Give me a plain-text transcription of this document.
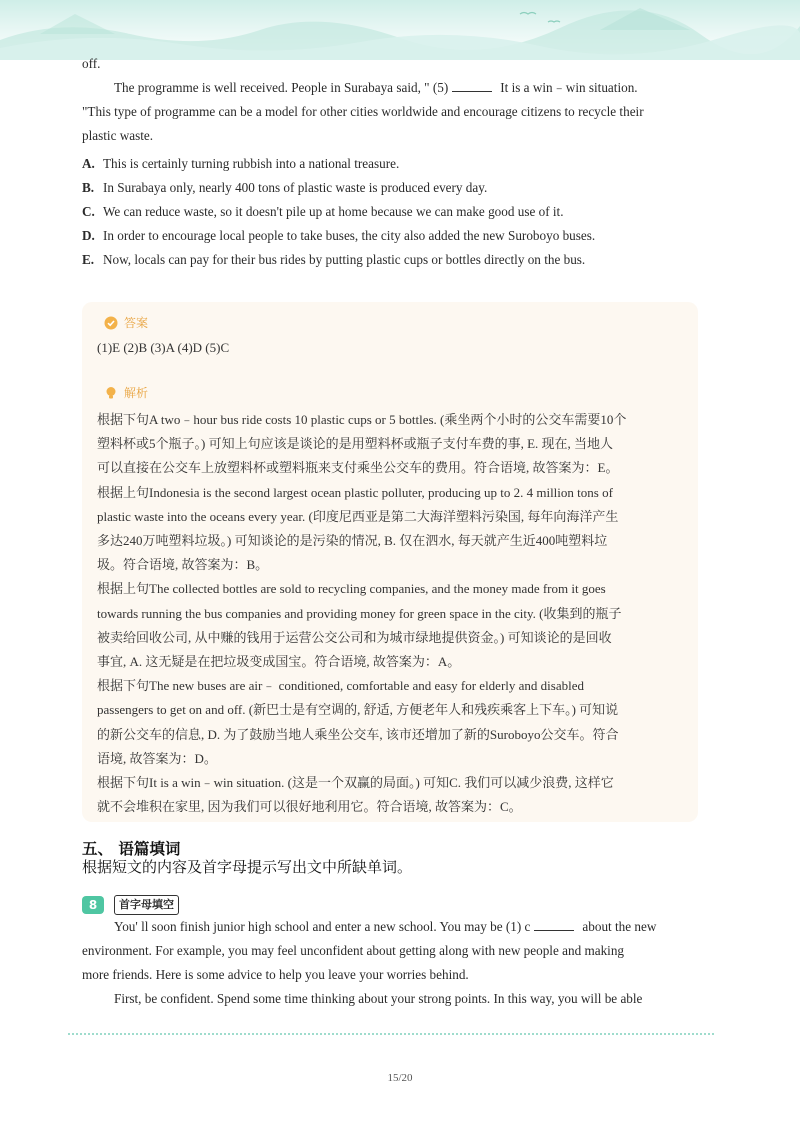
off.
The programme is well received. People in Surabaya said, " (5)	It is a win﹣win situation.
"This type of programme can be a model for other cities worldwide and encourage citizens to recycle their
plastic waste.
A. This is certainly turning rubbish into a national treasure.
B. In Surabaya only, nearly 400 tons of plastic waste is produced every day.
C. We can reduce waste, so it doesn't pile up at home because we can make good use of it.
D. In order to encourage local people to take buses, the city also added the new Suroboyo buses.
E. Now, locals can pay for their bus rides by putting plastic cups or bottles directly on the bus.
答案
(1)E (2)B (3)A (4)D (5)C
解析
根据下句A two﹣hour bus ride costs 10 plastic cups or 5 bottles. (乘坐两个小时的公交车需要10个
塑料杯或5个瓶子。) 可知上句应该是谈论的是用塑料杯或瓶子支付车费的事, E. 现在, 当地人
可以直接在公交车上放塑料杯或塑料瓶来支付乘坐公交车的费用。符合语境, 故答案为：E。
根据上句Indonesia is the second largest ocean plastic polluter, producing up to 2. 4 million tons of
plastic waste into the oceans every year. (印度尼西亚是第二大海洋塑料污染国, 每年向海洋产生
多达240万吨塑料垃圾。) 可知谈论的是污染的情况, B. 仅在泗水, 每天就产生近400吨塑料垃
圾。符合语境, 故答案为：B。
根据上句The collected bottles are sold to recycling companies, and the money made from it goes
towards running the bus companies and providing money for green space in the city. (收集到的瓶子
被卖给回收公司, 从中赚的钱用于运营公交公司和为城市绿地提供资金。) 可知谈论的是回收
事宜, A. 这无疑是在把垃圾变成国宝。符合语境, 故答案为：A。
根据下句The new buses are air﹣ conditioned, comfortable and easy for elderly and disabled
passengers to get on and off. (新巴士是有空调的, 舒适, 方便老年人和残疾乘客上下车。) 可知说
的新公交车的信息, D. 为了鼓励当地人乘坐公交车, 该市还增加了新的Suroboyo公交车。符合
语境, 故答案为：D。
根据下句It is a win﹣win situation. (这是一个双赢的局面。) 可知C. 我们可以减少浪费, 这样它
就不会堆积在家里, 因为我们可以很好地利用它。符合语境, 故答案为：C。
五、 语篇填词
根据短文的内容及首字母提示写出文中所缺单词。
8	首字母填空
You' ll soon finish junior high school and enter a new school. You may be (1) c	about the new
environment. For example, you may feel unconfident about getting along with new people and making
more friends. Here is some advice to help you leave your worries behind.
First, be confident. Spend some time thinking about your strong points. In this way, you will be able
15/20
